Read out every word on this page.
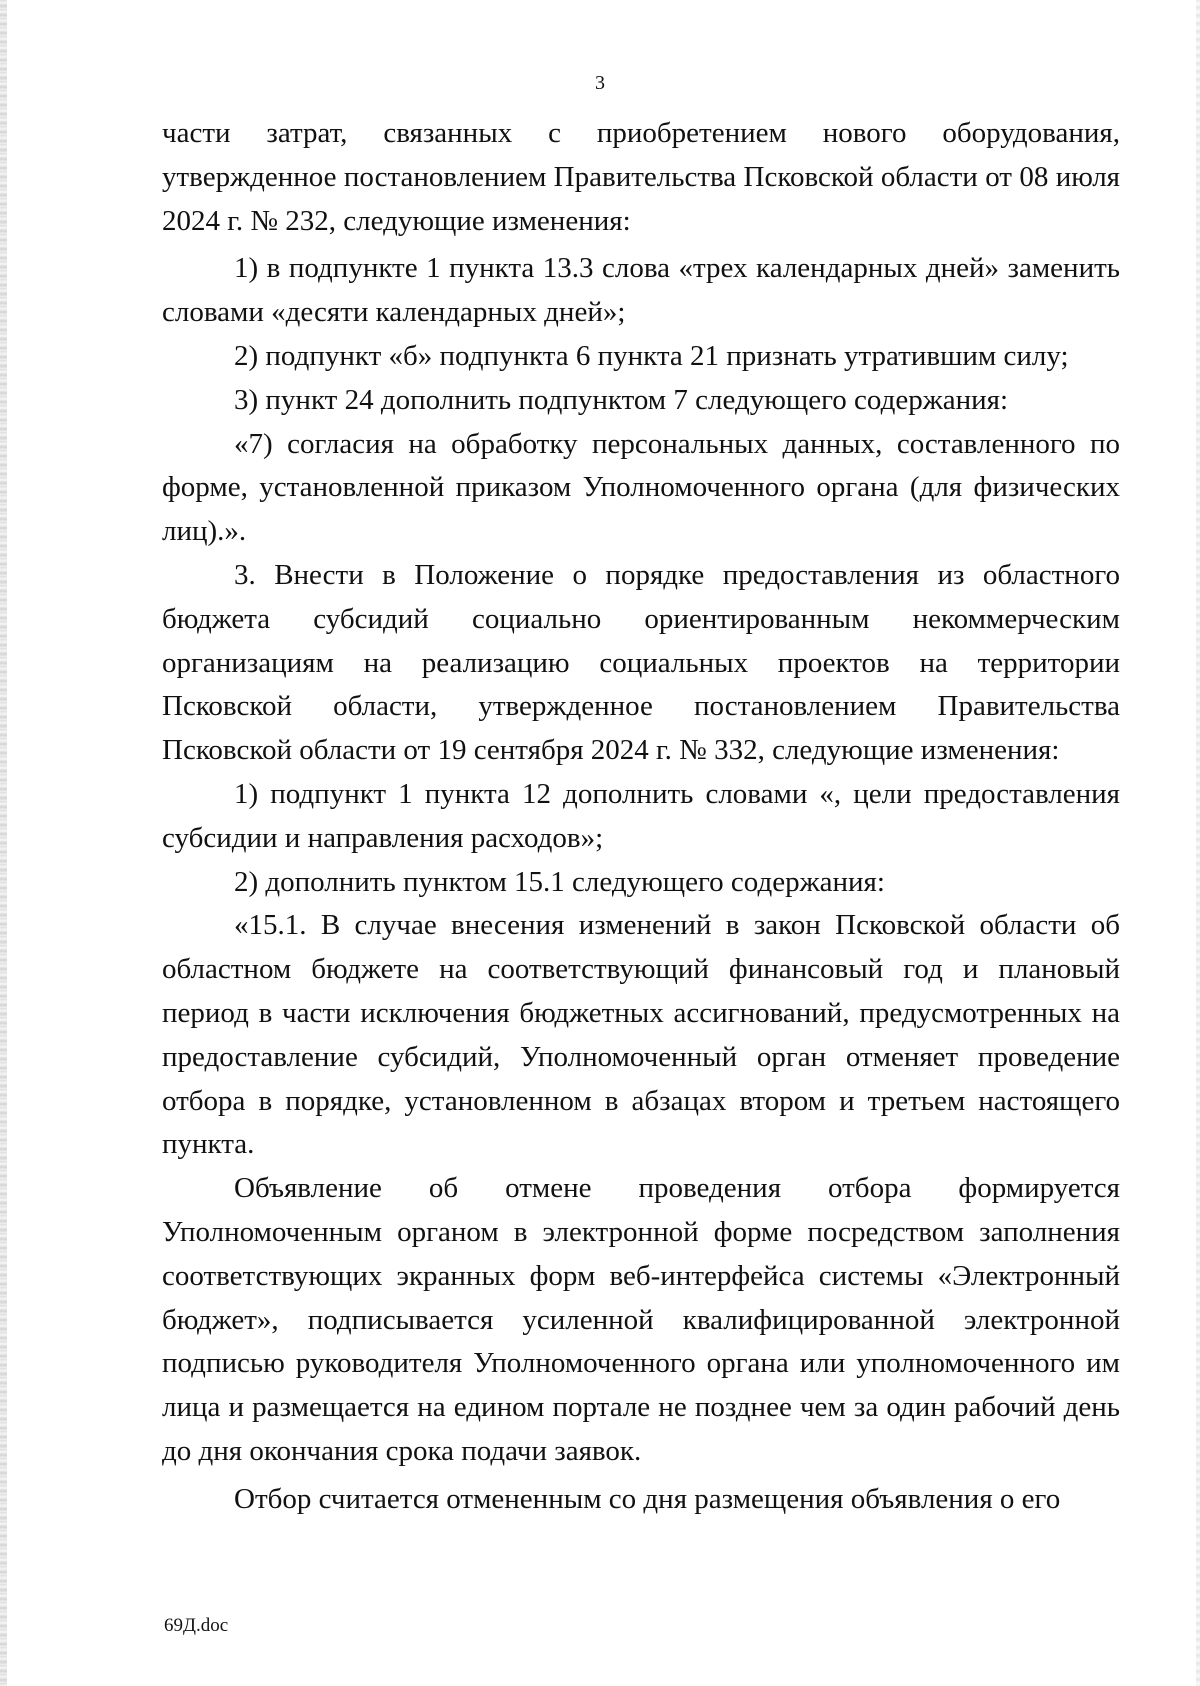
3

части затрат, связанных с приобретением нового оборудования, утвержденное постановлением Правительства Псковской области от 08 июля 2024 г. № 232, следующие изменения:

1) в подпункте 1 пункта 13.3 слова «трех календарных дней» заменить словами «десяти календарных дней»;

2) подпункт «б» подпункта 6 пункта 21 признать утратившим силу;

3) пункт 24 дополнить подпунктом 7 следующего содержания:

«7) согласия на обработку персональных данных, составленного по форме, установленной приказом Уполномоченного органа (для физических лиц).».

3. Внести в Положение о порядке предоставления из областного бюджета субсидий социально ориентированным некоммерческим организациям на реализацию социальных проектов на территории Псковской области, утвержденное постановлением Правительства Псковской области от 19 сентября 2024 г. № 332, следующие изменения:

1) подпункт 1 пункта 12 дополнить словами «, цели предоставления субсидии и направления расходов»;

2) дополнить пунктом 15.1 следующего содержания:

«15.1. В случае внесения изменений в закон Псковской области об областном бюджете на соответствующий финансовый год и плановый период в части исключения бюджетных ассигнований, предусмотренных на предоставление субсидий, Уполномоченный орган отменяет проведение отбора в порядке, установленном в абзацах втором и третьем настоящего пункта.

Объявление об отмене проведения отбора формируется Уполномоченным органом в электронной форме посредством заполнения соответствующих экранных форм веб-интерфейса системы «Электронный бюджет», подписывается усиленной квалифицированной электронной подписью руководителя Уполномоченного органа или уполномоченного им лица и размещается на едином портале не позднее чем за один рабочий день до дня окончания срока подачи заявок.

Отбор считается отмененным со дня размещения объявления о его

69Д.doc
